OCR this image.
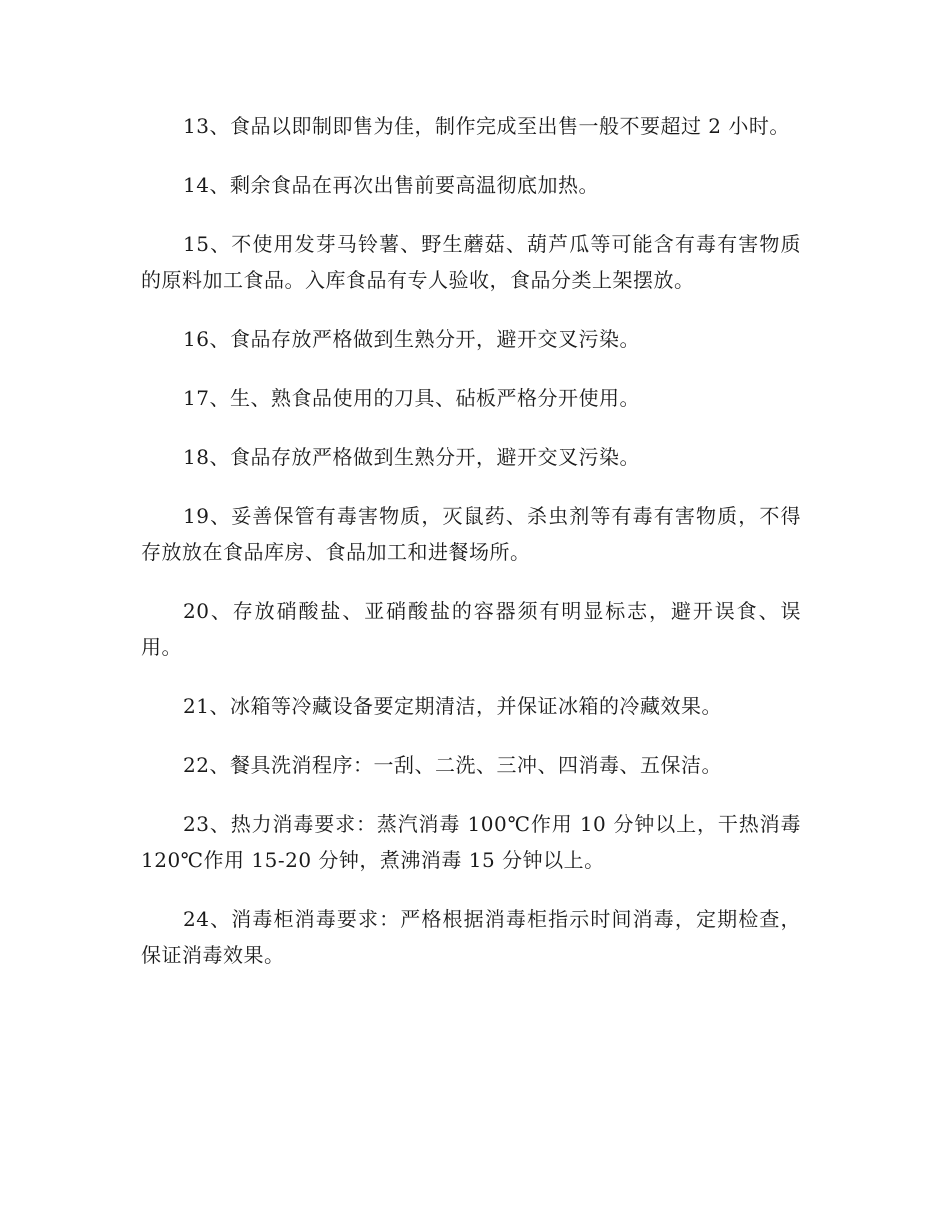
13、食品以即制即售为佳，制作完成至出售一般不要超过 2 小时。

14、剩余食品在再次出售前要高温彻底加热。

15、不使用发芽马铃薯、野生蘑菇、葫芦瓜等可能含有毒有害物质的原料加工食品。入库食品有专人验收，食品分类上架摆放。

16、食品存放严格做到生熟分开，避开交叉污染。

17、生、熟食品使用的刀具、砧板严格分开使用。

18、食品存放严格做到生熟分开，避开交叉污染。

19、妥善保管有毒害物质，灭鼠药、杀虫剂等有毒有害物质，不得存放放在食品库房、食品加工和进餐场所。

20、存放硝酸盐、亚硝酸盐的容器须有明显标志，避开误食、误用。

21、冰箱等冷藏设备要定期清洁，并保证冰箱的冷藏效果。

22、餐具洗消程序：一刮、二洗、三冲、四消毒、五保洁。

23、热力消毒要求：蒸汽消毒 100℃作用 10 分钟以上，干热消毒 120℃作用 15-20 分钟，煮沸消毒 15 分钟以上。

24、消毒柜消毒要求：严格根据消毒柜指示时间消毒，定期检查，保证消毒效果。
